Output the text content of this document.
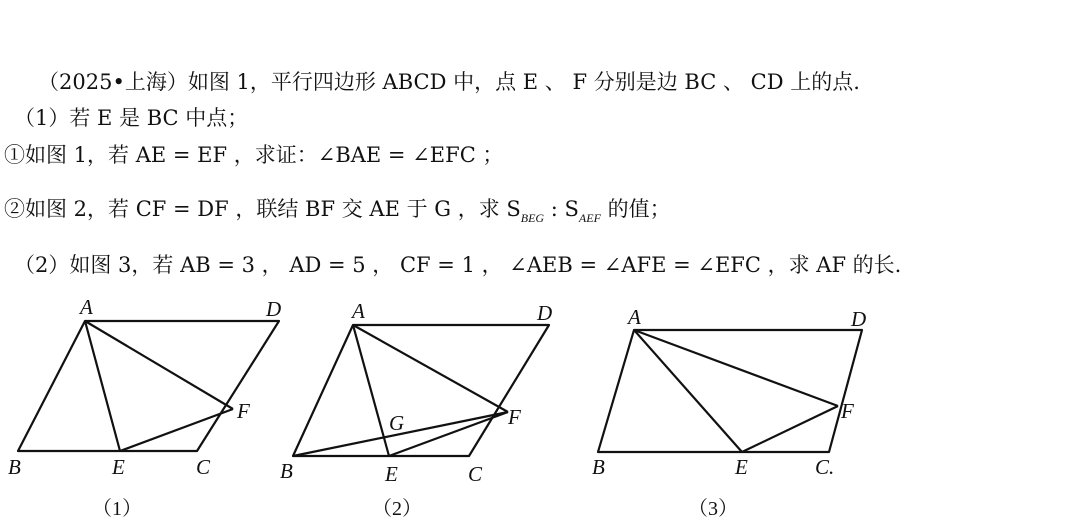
（2025•上海）如图 1，平行四边形 ABCD 中，点 E 、 F 分别是边 BC 、 CD 上的点.
（1）若 E 是 BC 中点；
①如图 1，若 AE = EF ，求证：∠BAE = ∠EFC ；
②如图 2，若 CF = DF ，联结 BF 交 AE 于 G ，求 $S_{BEG}$ : $S_{AEF}$ 的值；
（2）如图 3，若 AB = 3 ， AD = 5 ， CF = 1 ， ∠AEB = ∠AFE = ∠EFC ，求 AF 的长.
A	D
F
B	E	C
（1）
A	D
G	F
B	E	C
（2）
A	D
F
B	E	C.
（3）
